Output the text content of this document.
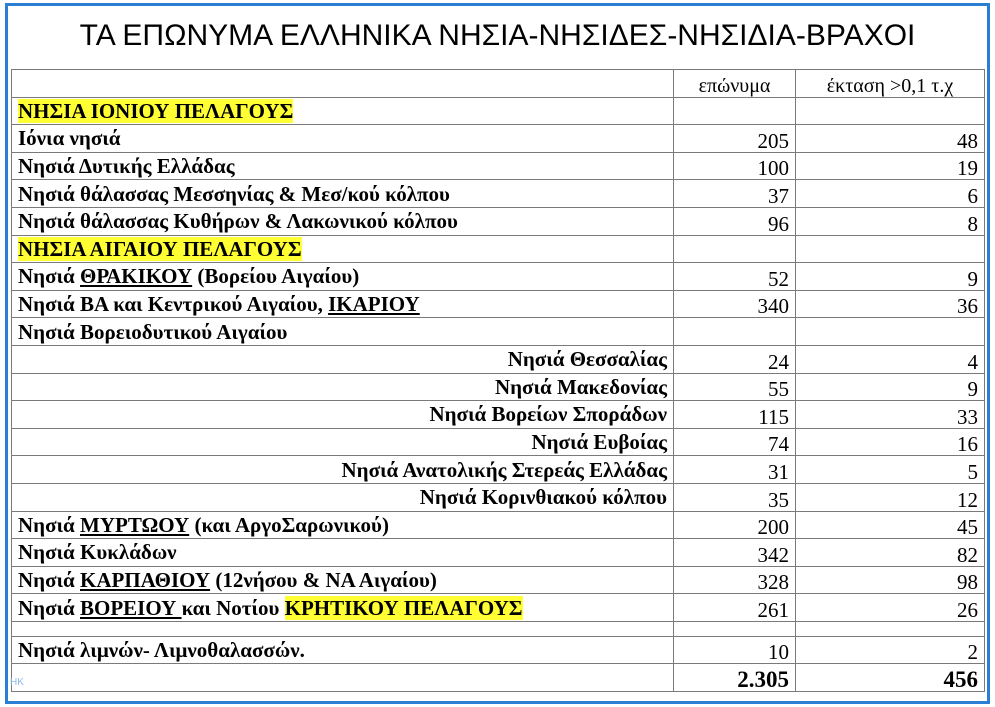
ΤΑ ΕΠΩΝΥΜΑ ΕΛΛΗΝΙΚΑ ΝΗΣΙΑ-ΝΗΣΙΔΕΣ-ΝΗΣΙΔΙΑ-ΒΡΑΧΟΙ
	επώνυμα	έκταση >0,1 τ.χ
ΝΗΣΙΑ ΙΟΝΙΟΥ ΠΕΛΑΓΟΥΣ		
Ιόνια νησιά	205	48
Νησιά Δυτικής Ελλάδας	100	19
Νησιά θάλασσας Μεσσηνίας & Μεσ/κού κόλπου	37	6
Νησιά θάλασσας Κυθήρων & Λακωνικού κόλπου	96	8
ΝΗΣΙΑ ΑΙΓΑΙΟΥ ΠΕΛΑΓΟΥΣ		
Νησιά ΘΡΑΚΙΚΟΥ (Βορείου Αιγαίου)	52	9
Νησιά ΒΑ και Κεντρικού Αιγαίου, ΙΚΑΡΙΟΥ	340	36
Νησιά Βορειοδυτικού Αιγαίου		
Νησιά Θεσσαλίας	24	4
Νησιά Μακεδονίας	55	9
Νησιά Βορείων Σποράδων	115	33
Νησιά Ευβοίας	74	16
Νησιά Ανατολικής Στερεάς Ελλάδας	31	5
Νησιά Κορινθιακού κόλπου	35	12
Νησιά ΜΥΡΤΩΟΥ (και ΑργοΣαρωνικού)	200	45
Νησιά Κυκλάδων	342	82
Νησιά ΚΑΡΠΑΘΙΟΥ (12νήσου & ΝΑ Αιγαίου)	328	98
Νησιά ΒΟΡΕΙΟΥ και Νοτίου ΚΡΗΤΙΚΟΥ ΠΕΛΑΓΟΥΣ	261	26

Νησιά λιμνών- Λιμνοθαλασσών.	10	2
	2.305	456
HK
